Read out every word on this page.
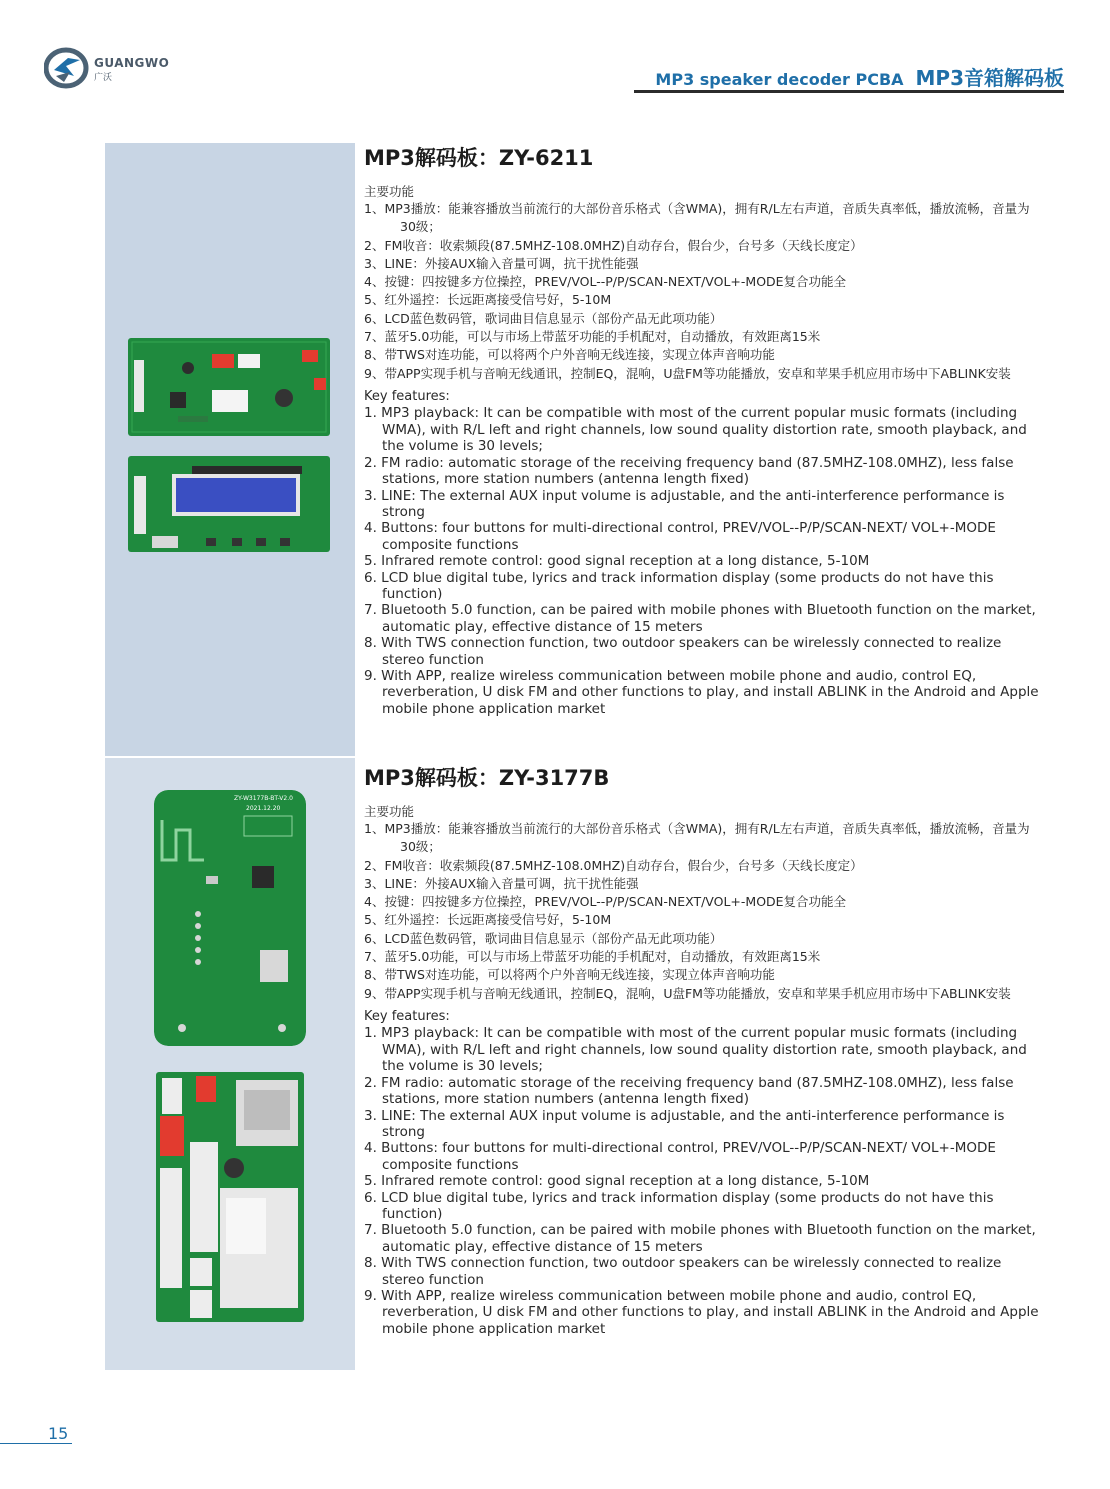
GUANGWO
广沃	MP3 speaker decoder PCBA MP3音箱解码板
ZY-W3177B-BT-V2.0
2021.12.20
MP3解码板：ZY-6211

主要功能

1、MP3播放：能兼容播放当前流行的大部份音乐格式（含WMA)，拥有R/L左右声道，音质失真率低，播放流畅，音量为30级；
2、FM收音：收索频段(87.5MHZ-108.0MHZ)自动存台，假台少，台号多（天线长度定）
3、LINE：外接AUX输入音量可调，抗干扰性能强
4、按键：四按键多方位操控，PREV/VOL--P/P/SCAN-NEXT/VOL+-MODE复合功能全
5、红外遥控：长远距离接受信号好，5-10M
6、LCD蓝色数码管，歌词曲目信息显示（部份产品无此项功能）
7、蓝牙5.0功能，可以与市场上带蓝牙功能的手机配对，自动播放，有效距离15米
8、带TWS对连功能，可以将两个户外音响无线连接，实现立体声音响功能
9、带APP实现手机与音响无线通讯，控制EQ，混响，U盘FM等功能播放，安卓和苹果手机应用市场中下ABLINK安装

Key features:

1. MP3 playback: It can be compatible with most of the current popular music formats (including WMA), with R/L left and right channels, low sound quality distortion rate, smooth playback, and the volume is 30 levels;
2. FM radio: automatic storage of the receiving frequency band (87.5MHZ-108.0MHZ), less false stations, more station numbers (antenna length fixed)
3. LINE: The external AUX input volume is adjustable, and the anti-interference performance is strong
4. Buttons: four buttons for multi-directional control, PREV/VOL--P/P/SCAN-NEXT/ VOL+-MODE composite functions
5. Infrared remote control: good signal reception at a long distance, 5-10M
6. LCD blue digital tube, lyrics and track information display (some products do not have this function)
7. Bluetooth 5.0 function, can be paired with mobile phones with Bluetooth function on the market, automatic play, effective distance of 15 meters
8. With TWS connection function, two outdoor speakers can be wirelessly connected to realize stereo function
9. With APP, realize wireless communication between mobile phone and audio, control EQ, reverberation, U disk FM and other functions to play, and install ABLINK in the Android and Apple mobile phone application market
MP3解码板：ZY-3177B

主要功能

1、MP3播放：能兼容播放当前流行的大部份音乐格式（含WMA)，拥有R/L左右声道，音质失真率低，播放流畅，音量为30级；
2、FM收音：收索频段(87.5MHZ-108.0MHZ)自动存台，假台少，台号多（天线长度定）
3、LINE：外接AUX输入音量可调，抗干扰性能强
4、按键：四按键多方位操控，PREV/VOL--P/P/SCAN-NEXT/VOL+-MODE复合功能全
5、红外遥控：长远距离接受信号好，5-10M
6、LCD蓝色数码管，歌词曲目信息显示（部份产品无此项功能）
7、蓝牙5.0功能，可以与市场上带蓝牙功能的手机配对，自动播放，有效距离15米
8、带TWS对连功能，可以将两个户外音响无线连接，实现立体声音响功能
9、带APP实现手机与音响无线通讯，控制EQ，混响，U盘FM等功能播放，安卓和苹果手机应用市场中下ABLINK安装

Key features:

1. MP3 playback: It can be compatible with most of the current popular music formats (including WMA), with R/L left and right channels, low sound quality distortion rate, smooth playback, and the volume is 30 levels;
2. FM radio: automatic storage of the receiving frequency band (87.5MHZ-108.0MHZ), less false stations, more station numbers (antenna length fixed)
3. LINE: The external AUX input volume is adjustable, and the anti-interference performance is strong
4. Buttons: four buttons for multi-directional control, PREV/VOL--P/P/SCAN-NEXT/ VOL+-MODE composite functions
5. Infrared remote control: good signal reception at a long distance, 5-10M
6. LCD blue digital tube, lyrics and track information display (some products do not have this function)
7. Bluetooth 5.0 function, can be paired with mobile phones with Bluetooth function on the market, automatic play, effective distance of 15 meters
8. With TWS connection function, two outdoor speakers can be wirelessly connected to realize stereo function
9. With APP, realize wireless communication between mobile phone and audio, control EQ, reverberation, U disk FM and other functions to play, and install ABLINK in the Android and Apple mobile phone application market
15
